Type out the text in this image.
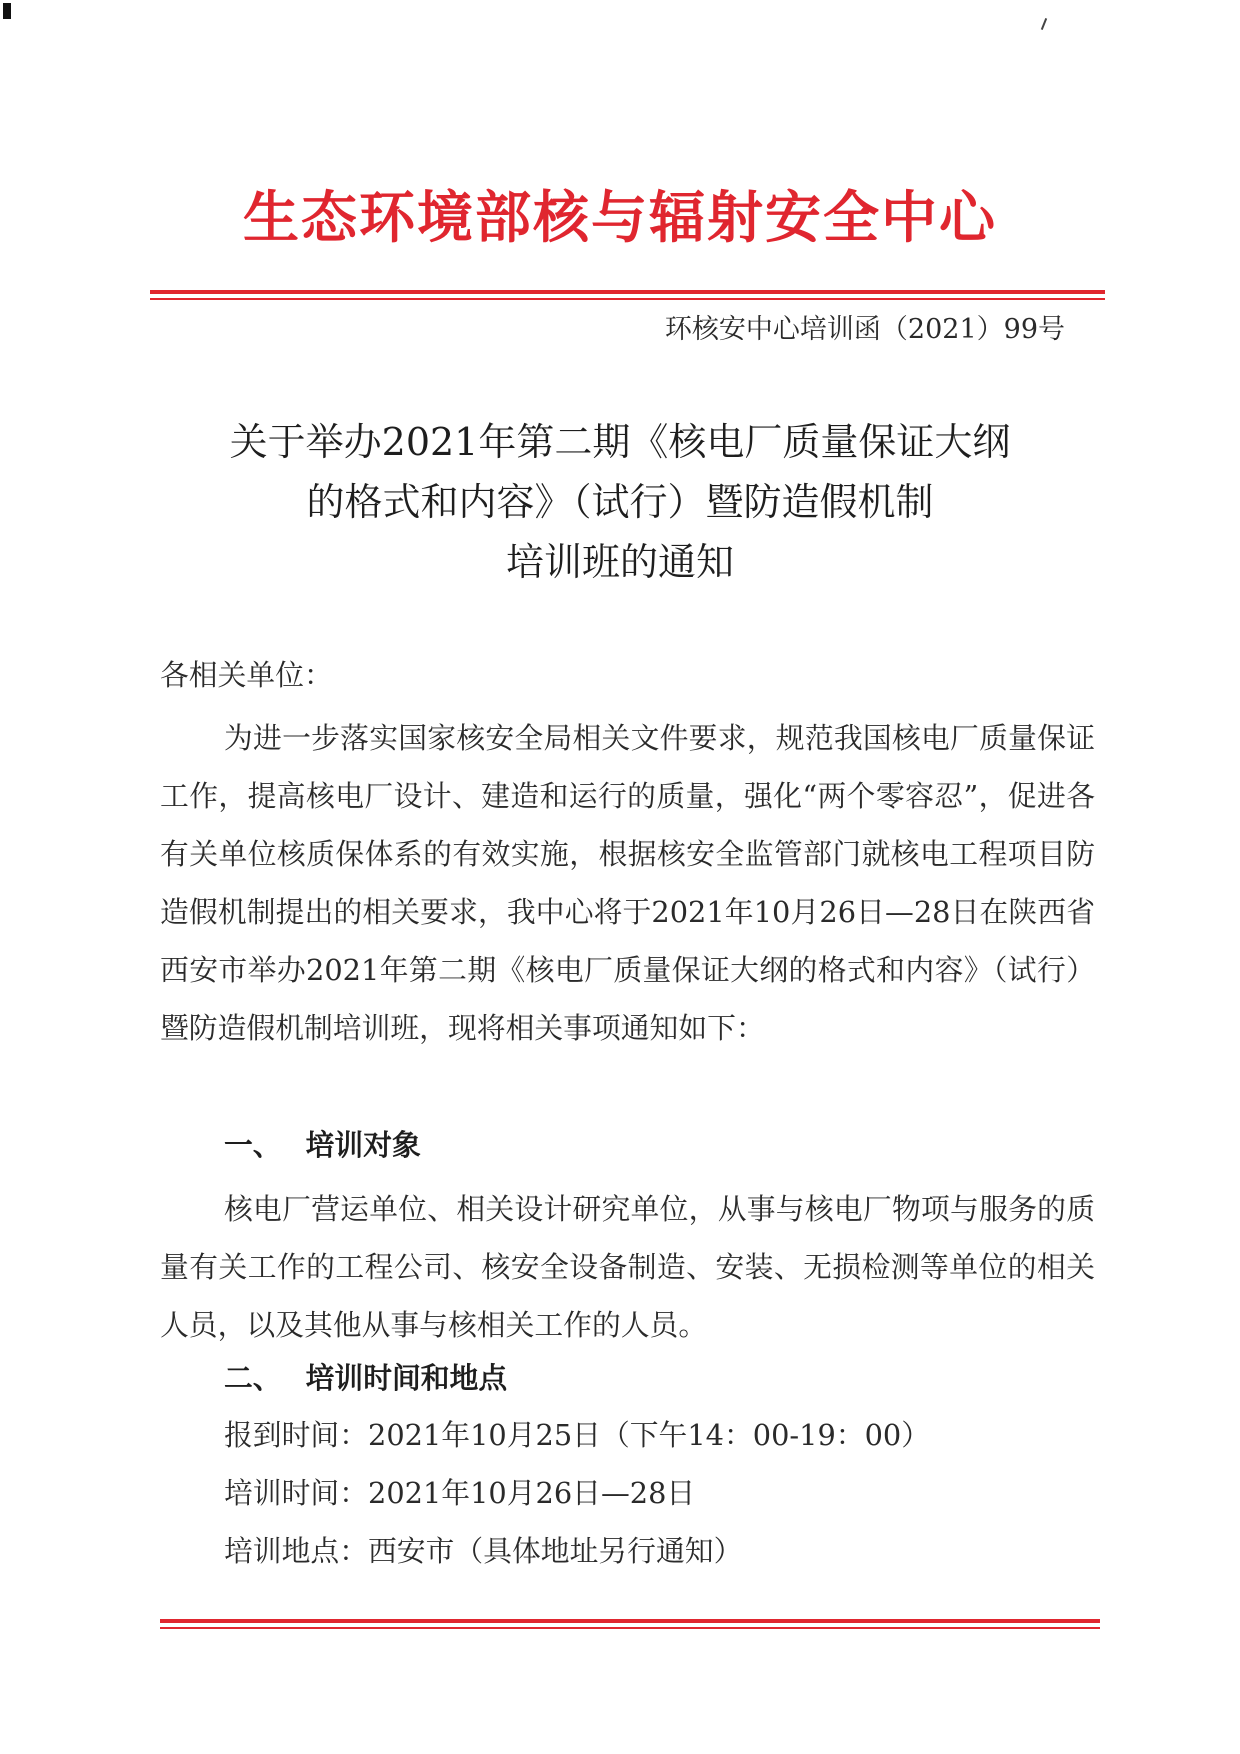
生态环境部核与辐射安全中心
环核安中心培训函（2021）99号
关于举办2021年第二期《核电厂质量保证大纲
的格式和内容》（试行）暨防造假机制
培训班的通知
各相关单位：
为进一步落实国家核安全局相关文件要求，规范我国核电厂质量保证工作，提高核电厂设计、建造和运行的质量，强化“两个零容忍”，促进各有关单位核质保体系的有效实施，根据核安全监管部门就核电工程项目防造假机制提出的相关要求，我中心将于2021年10月26日—28日在陕西省西安市举办2021年第二期《核电厂质量保证大纲的格式和内容》（试行）暨防造假机制培训班，现将相关事项通知如下：
一、 培训对象
核电厂营运单位、相关设计研究单位，从事与核电厂物项与服务的质量有关工作的工程公司、核安全设备制造、安装、无损检测等单位的相关人员，以及其他从事与核相关工作的人员。
二、 培训时间和地点
报到时间：2021年10月25日（下午14：00-19：00）
培训时间：2021年10月26日—28日
培训地点：西安市（具体地址另行通知）
